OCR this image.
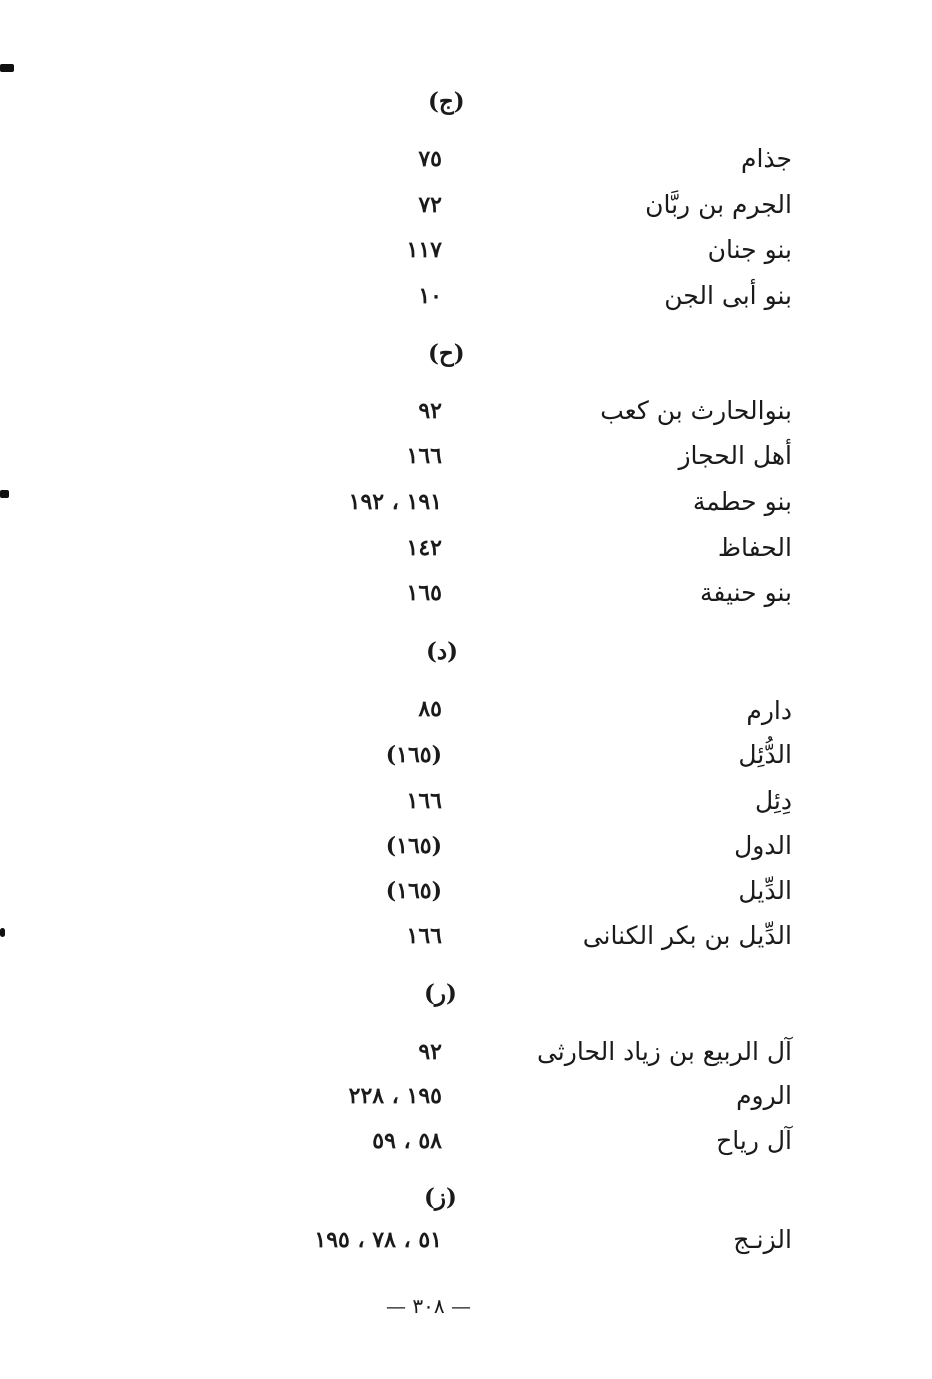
(ج)
جذام
٧٥
الجرم بن ربَّان
٧٢
بنو جنان
١١٧
بنو أبى الجن
١٠
(ح)
بنوالحارث بن كعب
٩٢
أهل الحجاز
١٦٦
بنو حطمة
١٩١ ، ١٩٢
الحفاظ
١٤٢
بنو حنيفة
١٦٥
(د)
دارم
٨٥
الدُّئِل
(١٦٥)
دِئِل
١٦٦
الدول
(١٦٥)
الدِّيل
(١٦٥)
الدِّيل بن بكر الكنانى
١٦٦
(ر)
آل الربيع بن زياد الحارثى
٩٢
الروم
١٩٥ ، ٢٢٨
آل رياح
٥٨ ، ٥٩
(ز)
الزنـج
٥١ ، ٧٨ ، ١٩٥
— ٣٠٨ —
